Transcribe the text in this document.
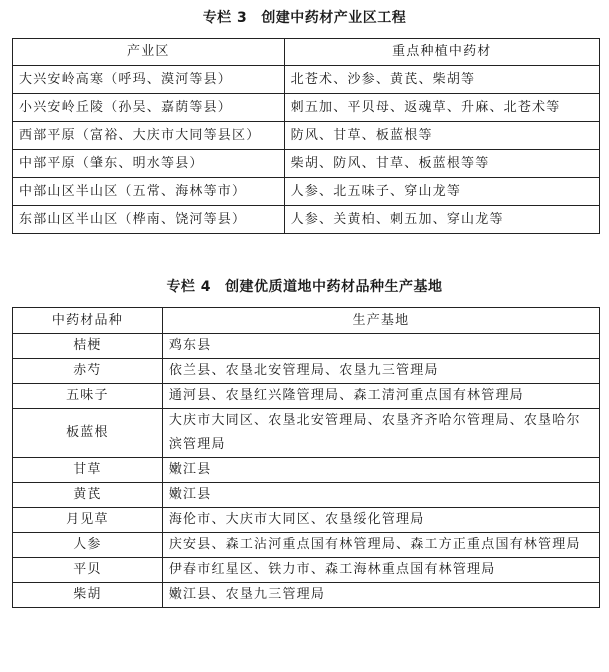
专栏 3 创建中药材产业区工程
产业区	重点种植中药材
大兴安岭高寒（呼玛、漠河等县）	北苍术、沙参、黄芪、柴胡等
小兴安岭丘陵（孙吴、嘉荫等县）	刺五加、平贝母、返魂草、升麻、北苍术等
西部平原（富裕、大庆市大同等县区）	防风、甘草、板蓝根等
中部平原（肇东、明水等县）	柴胡、防风、甘草、板蓝根等等
中部山区半山区（五常、海林等市）	人参、北五味子、穿山龙等
东部山区半山区（桦南、饶河等县）	人参、关黄柏、刺五加、穿山龙等
专栏 4 创建优质道地中药材品种生产基地
中药材品种	生产基地
桔梗	鸡东县
赤芍	依兰县、农垦北安管理局、农垦九三管理局
五味子	通河县、农垦红兴隆管理局、森工清河重点国有林管理局
板蓝根	大庆市大同区、农垦北安管理局、农垦齐齐哈尔管理局、农垦哈尔滨管理局
甘草	嫩江县
黄芪	嫩江县
月见草	海伦市、大庆市大同区、农垦绥化管理局
人参	庆安县、森工沾河重点国有林管理局、森工方正重点国有林管理局
平贝	伊春市红星区、铁力市、森工海林重点国有林管理局
柴胡	嫩江县、农垦九三管理局
